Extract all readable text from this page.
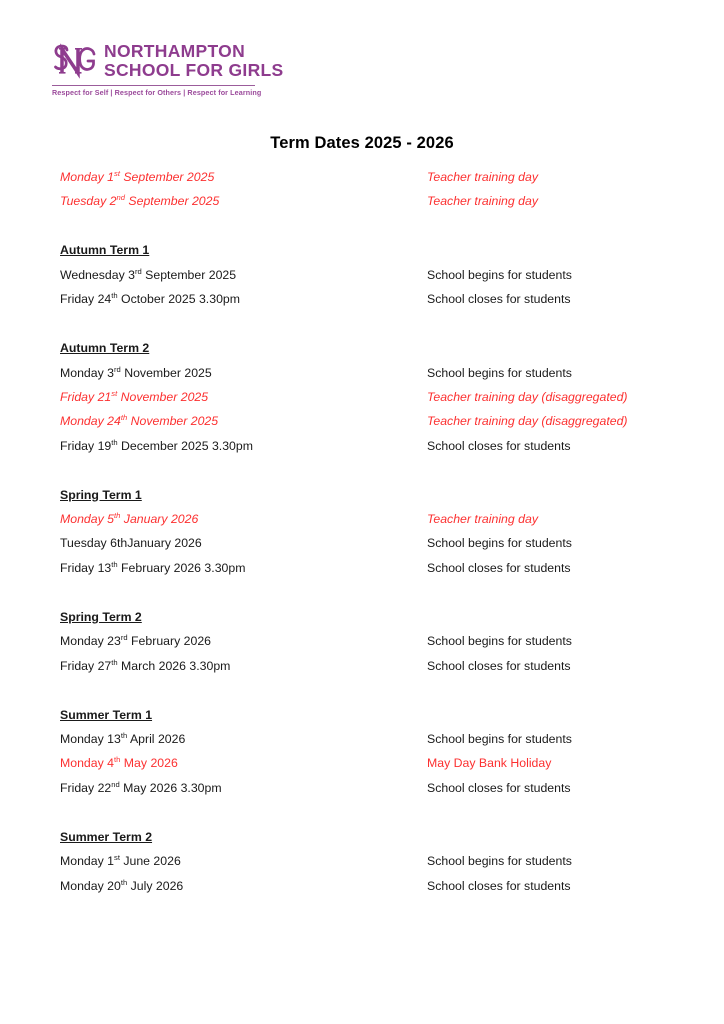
NORTHAMPTON
SCHOOL FOR GIRLS
Respect for Self | Respect for Others | Respect for Learning
Term Dates 2025 - 2026
Monday 1st September 2025	Teacher training day
Tuesday 2nd September 2025	Teacher training day
Autumn Term 1
Wednesday 3rd September 2025	School begins for students
Friday 24th October 2025 3.30pm	School closes for students
Autumn Term 2
Monday 3rd November 2025	School begins for students
Friday 21st November 2025	Teacher training day (disaggregated)
Monday 24th November 2025	Teacher training day (disaggregated)
Friday 19th December 2025 3.30pm	School closes for students
Spring Term 1
Monday 5th January 2026	Teacher training day
Tuesday 6thJanuary 2026	School begins for students
Friday 13th February 2026 3.30pm	School closes for students
Spring Term 2
Monday 23rd February 2026	School begins for students
Friday 27th March 2026 3.30pm	School closes for students
Summer Term 1
Monday 13th April 2026	School begins for students
Monday 4th May 2026	May Day Bank Holiday
Friday 22nd May 2026 3.30pm	School closes for students
Summer Term 2
Monday 1st June 2026	School begins for students
Monday 20th July 2026	School closes for students
